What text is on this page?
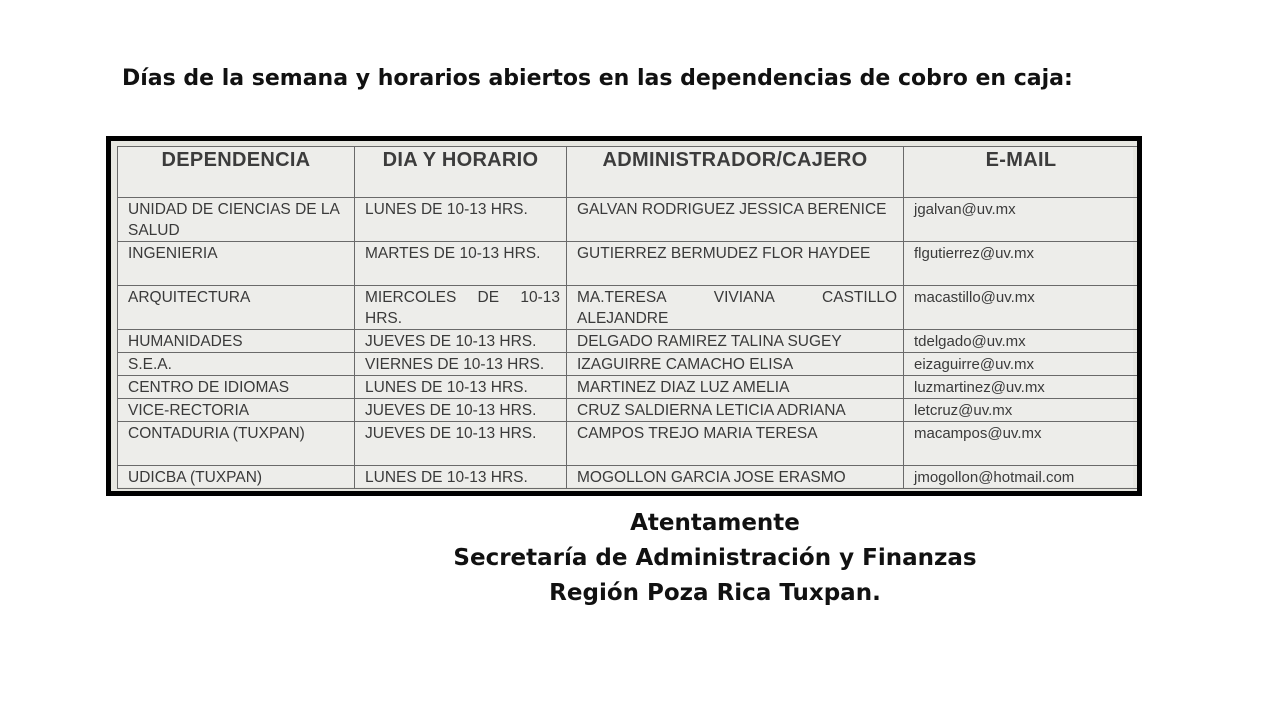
Días de la semana y horarios abiertos en las dependencias de cobro en caja:
DEPENDENCIA	DIA Y HORARIO	ADMINISTRADOR/CAJERO	E-MAIL
UNIDAD DE CIENCIAS DE LA SALUD	LUNES DE 10-13 HRS.	GALVAN RODRIGUEZ JESSICA BERENICE	jgalvan@uv.mx
INGENIERIA	MARTES DE 10-13 HRS.	GUTIERREZ BERMUDEZ FLOR HAYDEE	flgutierrez@uv.mx
ARQUITECTURA	MIERCOLES DE 10-13 HRS.	MA.TERESA VIVIANA CASTILLO ALEJANDRE	macastillo@uv.mx
HUMANIDADES	JUEVES DE 10-13 HRS.	DELGADO RAMIREZ TALINA SUGEY	tdelgado@uv.mx
S.E.A.	VIERNES DE 10-13 HRS.	IZAGUIRRE CAMACHO ELISA	eizaguirre@uv.mx
CENTRO DE IDIOMAS	LUNES DE 10-13 HRS.	MARTINEZ DIAZ LUZ AMELIA	luzmartinez@uv.mx
VICE-RECTORIA	JUEVES DE 10-13 HRS.	CRUZ SALDIERNA LETICIA ADRIANA	letcruz@uv.mx
CONTADURIA (TUXPAN)	JUEVES DE 10-13 HRS.	CAMPOS TREJO MARIA TERESA	macampos@uv.mx
UDICBA (TUXPAN)	LUNES DE 10-13 HRS.	MOGOLLON GARCIA JOSE ERASMO	jmogollon@hotmail.com
Atentamente
Secretaría de Administración y Finanzas
Región Poza Rica Tuxpan.
